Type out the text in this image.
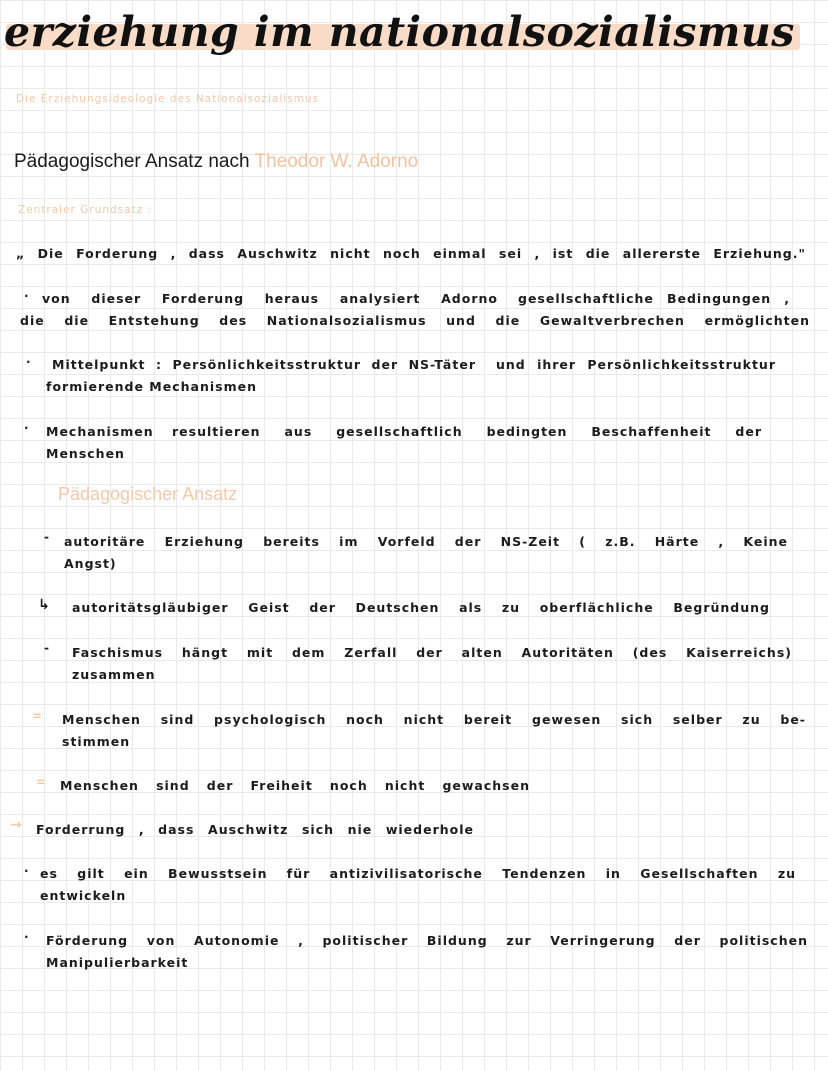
erziehung im nationalsozialismus
Die Erziehungsideologie des Nationalsozialismus
Pädagogischer Ansatz nach Theodor W. Adorno
Zentraler Grundsatz :
„ Die Forderung , dass Auschwitz nicht noch einmal sei , ist die allererste Erziehung."
· von dieser Forderung heraus analysiert Adorno gesellschaftliche Bedingungen ,
die die Entstehung des Nationalsozialismus und die Gewaltverbrechen ermöglichten
· Mittelpunkt : Persönlichkeitsstruktur der NS-Täter und ihrer Persönlichkeitsstruktur
formierende Mechanismen
· Mechanismen resultieren aus gesellschaftlich bedingten Beschaffenheit der
Menschen
Pädagogischer Ansatz
- autoritäre Erziehung bereits im Vorfeld der NS-Zeit ( z.B. Härte , Keine
Angst)
↳ autoritätsgläubiger Geist der Deutschen als zu oberflächliche Begründung
- Faschismus hängt mit dem Zerfall der alten Autoritäten (des Kaiserreichs)
zusammen
= Menschen sind psychologisch noch nicht bereit gewesen sich selber zu be-
stimmen
= Menschen sind der Freiheit noch nicht gewachsen
→ Forderrung , dass Auschwitz sich nie wiederhole
· es gilt ein Bewusstsein für antizivilisatorische Tendenzen in Gesellschaften zu
entwickeln
· Förderung von Autonomie , politischer Bildung zur Verringerung der politischen
Manipulierbarkeit
